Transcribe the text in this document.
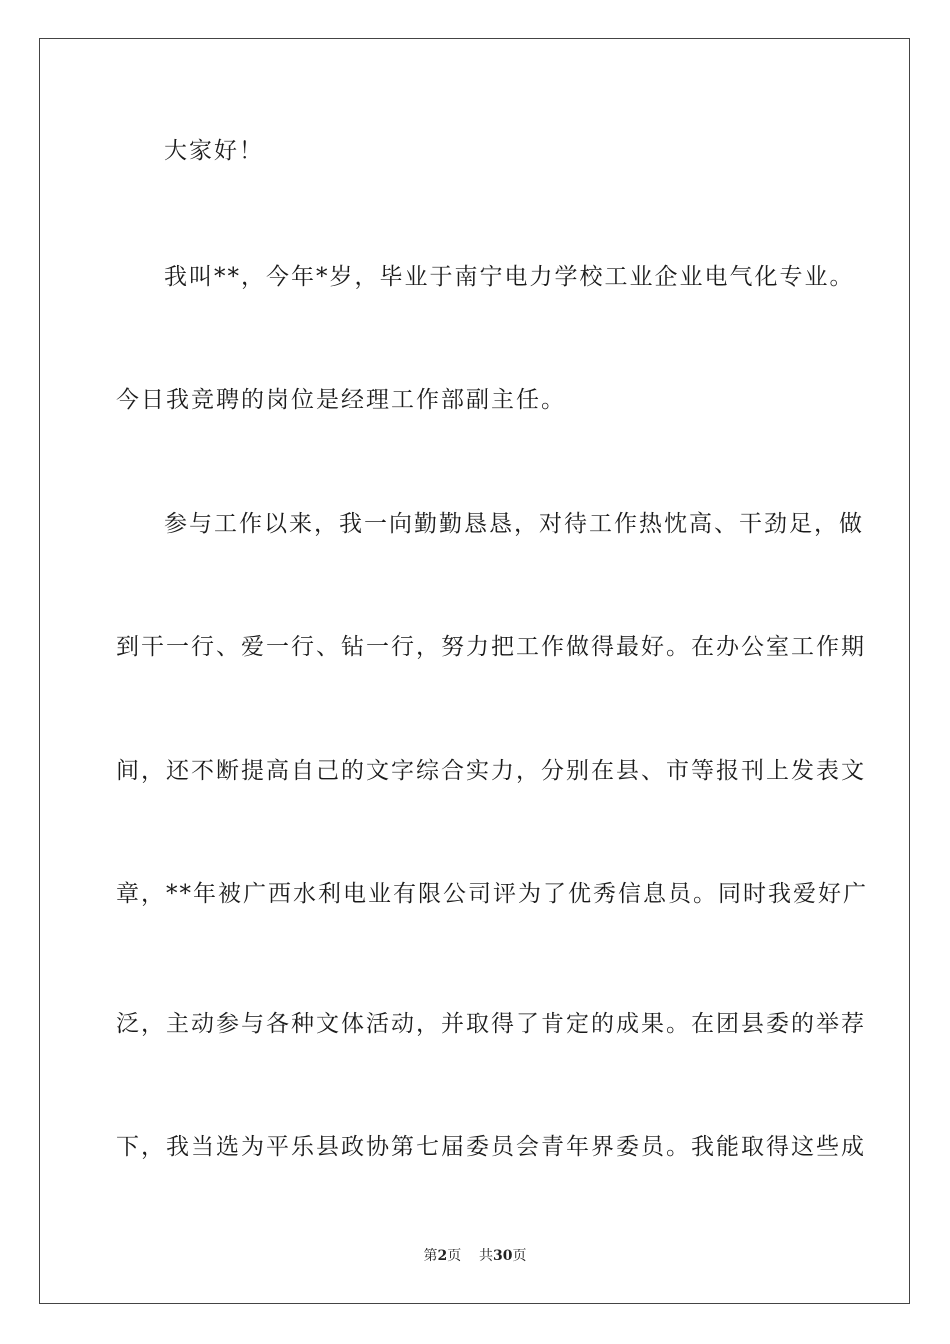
大家好！
我叫**，今年*岁，毕业于南宁电力学校工业企业电气化专业。
今日我竞聘的岗位是经理工作部副主任。
参与工作以来，我一向勤勤恳恳，对待工作热忱高、干劲足，做
到干一行、爱一行、钻一行，努力把工作做得最好。在办公室工作期
间，还不断提高自己的文字综合实力，分别在县、市等报刊上发表文
章，**年被广西水利电业有限公司评为了优秀信息员。同时我爱好广
泛，主动参与各种文体活动，并取得了肯定的成果。在团县委的举荐
下，我当选为平乐县政协第七届委员会青年界委员。我能取得这些成
第2页 共30页
